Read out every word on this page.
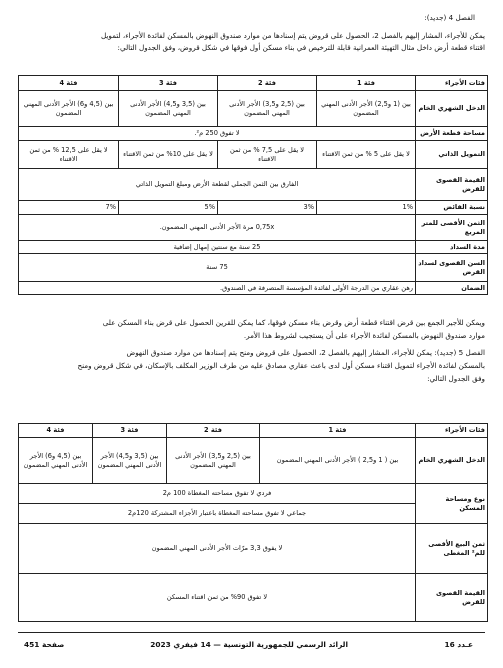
الفصل 4 (جديد):
يمكن للأجراء، المشار إليهم بالفصل 2، الحصول على قروض يتم إسنادها من موارد صندوق النهوض بالمسكن لفائدة الأجراء، لتمويل
اقتناء قطعة أرض داخل مثال التهيئة العمرانية قابلة للترخيص في بناء مسكن أول فوقها في شكل قروض، وفق الجدول التالي:
فئات الأجراء	فئة 1	فئة 2	فئة 3	فئة 4
الدخل الشهري الخام	بين (1 و2,5) الأجر الأدنى المهني المضمون	بين (2,5 و3,5) الأجر الأدنى المهني المضمون	بين (3,5 و4,5) الأجر الأدنى المهني المضمون	بين (4,5 و6) الأجر الأدنى المهني المضمون
مساحة قطعة الأرض	لا تفوق 250 م².			
التمويل الذاتي	لا يقل على 5 % من ثمن الاقتناء	لا يقل على 7,5 % من ثمن الاقتناء	لا يقل على 10% من ثمن الاقتناء	لا يقل على 12,5 % من ثمن الاقتناء
القيمة القصوى للقرض	الفارق بين الثمن الجملي لقطعة الأرض ومبلغ التمويل الذاتي			
نسبة الفائض	1%	3%	5%	7%
الثمن الأقصى للمتر المربع	0,75x مرة الأجر الأدنى المهني المضمون.			
مدة السداد	25 سنة مع سنتين إمهال إضافية			
السن القصوى لسداد القرض	75 سنة			
الضمان	رهن عقاري من الدرجة الأولى لفائدة المؤسسة المتصرفة في الصندوق.			
ويمكن للأجير الجمع بين قرض اقتناء قطعة أرض وقرض بناء مسكن فوقها، كما يمكن للقرين الحصول على قرض بناء المسكن على
موارد صندوق النهوض بالمسكن لفائدة الأجراء على أن يستجيب لشروط هذا الأمر.
الفصل 5 (جديد): يمكن للأجراء، المشار إليهم بالفصل 2، الحصول على قروض ومنح يتم إسنادها من موارد صندوق النهوض
بالمسكن لفائدة الأجراء لتمويل اقتناء مسكن أول لدى باعث عقاري مصادق عليه من طرف الوزير المكلف بالإسكان، في شكل قروض ومنح
وفق الجدول التالي:
فئات الأجراء	فئة 1	فئة 2	فئة 3	فئة 4
الدخل الشهري الخام	بين ( 1 و2,5 ) الأجر الأدنى المهني المضمون	بين (2,5 و3,5) الأجر الأدنى المهني المضمون	بين (3,5 و4,5) الأجر الأدنى المهني المضمون	بين (4,5 و6) الأجر الأدنى المهني المضمون
نوع ومساحة المسكن	فردي لا تفوق مساحته المغطاة 100 م2			
	جماعي لا تفوق مساحته المغطاة باعتبار الأجزاء المشتركة 120م2			
ثمن البيع الأقصى للم² المغطى	لا يفوق 3,3 مرّات الأجر الأدنى المهني المضمون			
القيمة القصوى للقرض	لا تفوق 90% من ثمن اقتناء المسكن			
عـدد 16
الرائد الرسمي للجمهورية التونسية — 14 فيفري 2023
صفحة 451
